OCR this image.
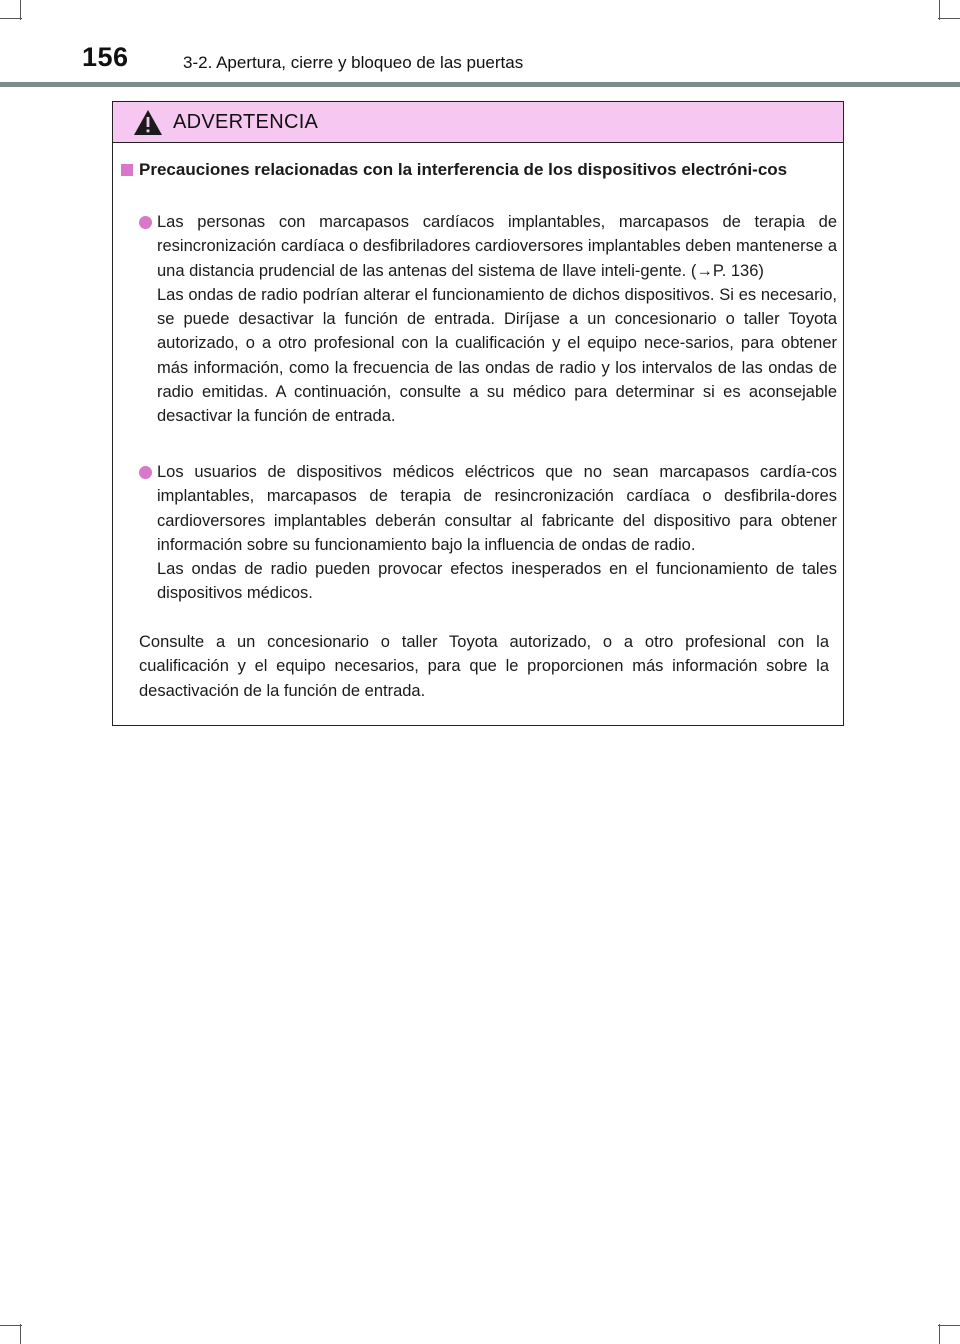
156	3-2. Apertura, cierre y bloqueo de las puertas
ADVERTENCIA
Precauciones relacionadas con la interferencia de los dispositivos electróni-cos

Las personas con marcapasos cardíacos implantables, marcapasos de terapia de resincronización cardíaca o desfibriladores cardioversores implantables deben mantenerse a una distancia prudencial de las antenas del sistema de llave inteli-gente. (→P. 136)

Las ondas de radio podrían alterar el funcionamiento de dichos dispositivos. Si es necesario, se puede desactivar la función de entrada. Diríjase a un concesionario o taller Toyota autorizado, o a otro profesional con la cualificación y el equipo nece-sarios, para obtener más información, como la frecuencia de las ondas de radio y los intervalos de las ondas de radio emitidas. A continuación, consulte a su médico para determinar si es aconsejable desactivar la función de entrada.

Los usuarios de dispositivos médicos eléctricos que no sean marcapasos cardía-cos implantables, marcapasos de terapia de resincronización cardíaca o desfibrila-dores cardioversores implantables deberán consultar al fabricante del dispositivo para obtener información sobre su funcionamiento bajo la influencia de ondas de radio.

Las ondas de radio pueden provocar efectos inesperados en el funcionamiento de tales dispositivos médicos.

Consulte a un concesionario o taller Toyota autorizado, o a otro profesional con la cualificación y el equipo necesarios, para que le proporcionen más información sobre la desactivación de la función de entrada.
